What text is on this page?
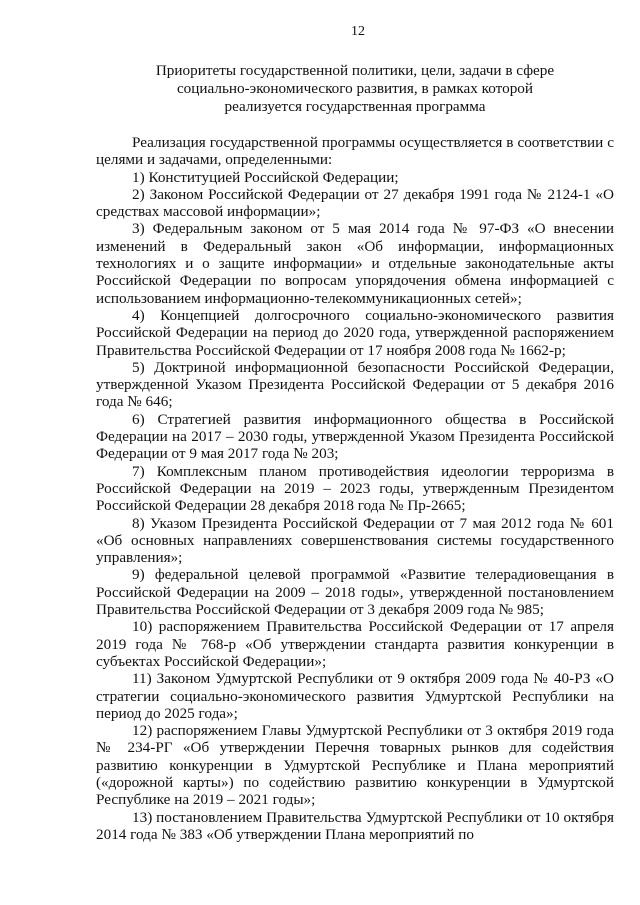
12
Приоритеты государственной политики, цели, задачи в сфере
социально-экономического развития, в рамках которой
реализуется государственная программа

Реализация государственной программы осуществляется в соответствии с целями и задачами, определенными:

1) Конституцией Российской Федерации;

2) Законом Российской Федерации от 27 декабря 1991 года № 2124-1 «О средствах массовой информации»;

3) Федеральным законом от 5 мая 2014 года № 97-ФЗ «О внесении изменений в Федеральный закон «Об информации, информационных технологиях и о защите информации» и отдельные законодательные акты Российской Федерации по вопросам упорядочения обмена информацией с использованием информационно-телекоммуникационных сетей»;

4) Концепцией долгосрочного социально-экономического развития Российской Федерации на период до 2020 года, утвержденной распоряжением Правительства Российской Федерации от 17 ноября 2008 года № 1662-р;

5) Доктриной информационной безопасности Российской Федерации, утвержденной Указом Президента Российской Федерации от 5 декабря 2016 года № 646;

6) Стратегией развития информационного общества в Российской Федерации на 2017 – 2030 годы, утвержденной Указом Президента Российской Федерации от 9 мая 2017 года № 203;

7) Комплексным планом противодействия идеологии терроризма в Российской Федерации на 2019 – 2023 годы, утвержденным Президентом Российской Федерации 28 декабря 2018 года № Пр-2665;

8) Указом Президента Российской Федерации от 7 мая 2012 года № 601 «Об основных направлениях совершенствования системы государственного управления»;

9) федеральной целевой программой «Развитие телерадиовещания в Российской Федерации на 2009 – 2018 годы», утвержденной постановлением Правительства Российской Федерации от 3 декабря 2009 года № 985;

10) распоряжением Правительства Российской Федерации от 17 апреля 2019 года № 768-р «Об утверждении стандарта развития конкуренции в субъектах Российской Федерации»;

11) Законом Удмуртской Республики от 9 октября 2009 года № 40-РЗ «О стратегии социально-экономического развития Удмуртской Республики на период до 2025 года»;

12) распоряжением Главы Удмуртской Республики от 3 октября 2019 года № 234-РГ «Об утверждении Перечня товарных рынков для содействия развитию конкуренции в Удмуртской Республике и Плана мероприятий («дорожной карты») по содействию развитию конкуренции в Удмуртской Республике на 2019 – 2021 годы»;

13) постановлением Правительства Удмуртской Республики от 10 октября 2014 года № 383 «Об утверждении Плана мероприятий по
